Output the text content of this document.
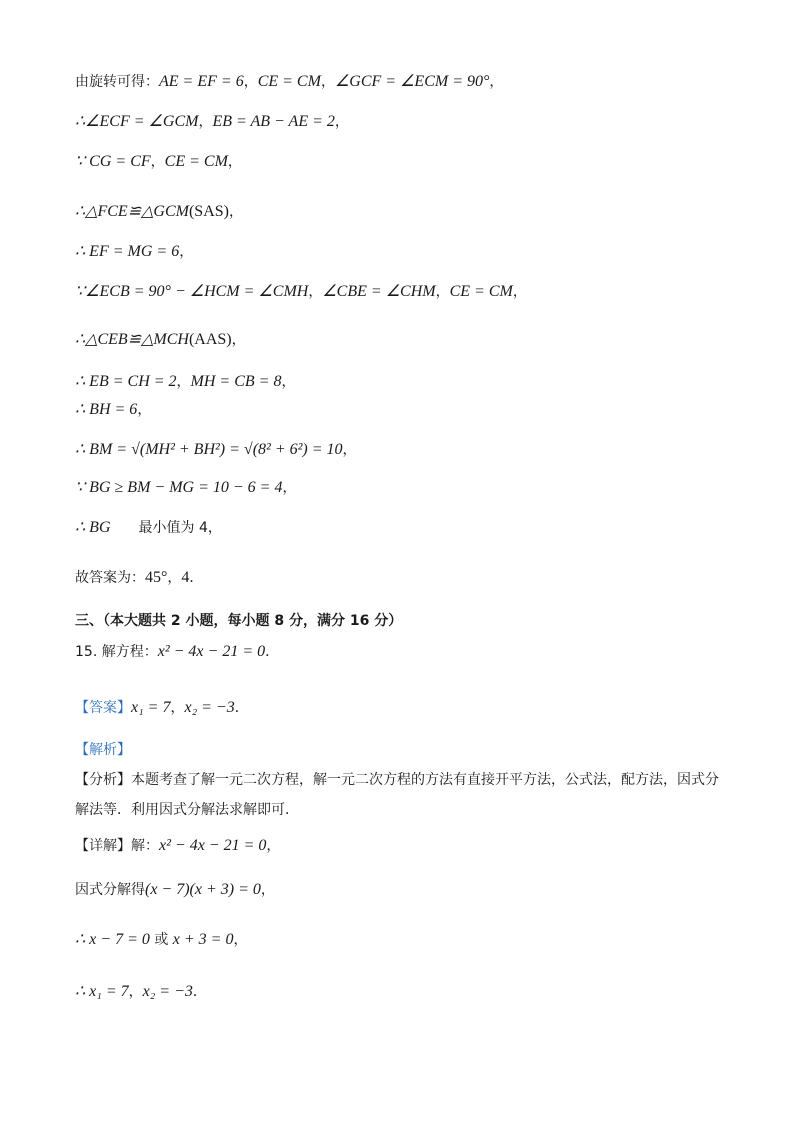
由旋转可得：AE = EF = 6，CE = CM，∠GCF = ∠ECM = 90°，
∴∠ECF = ∠GCM，EB = AB − AE = 2，
∵ CG = CF，CE = CM，
∴△FCE≌△GCM(SAS)，
∴ EF = MG = 6，
∵∠ECB = 90° − ∠HCM = ∠CMH，∠CBE = ∠CHM，CE = CM，
∴△CEB≌△MCH(AAS)，
∴ EB = CH = 2，MH = CB = 8，
∴ BH = 6，
∴ BM = √(MH² + BH²) = √(8² + 6²) = 10，
∵ BG ≥ BM − MG = 10 − 6 = 4，
∴ BG　　最小值为 4，
故答案为：45°，4．
三、（本大题共 2 小题，每小题 8 分，满分 16 分）
15. 解方程：x² − 4x − 21 = 0．
【答案】x₁ = 7，x₂ = −3．
【解析】
【分析】本题考查了解一元二次方程，解一元二次方程的方法有直接开平方法，公式法，配方法，因式分
解法等．利用因式分解法求解即可．
【详解】解：x² − 4x − 21 = 0，
因式分解得(x − 7)(x + 3) = 0，
∴ x − 7 = 0 或 x + 3 = 0，
∴ x₁ = 7，x₂ = −3．
